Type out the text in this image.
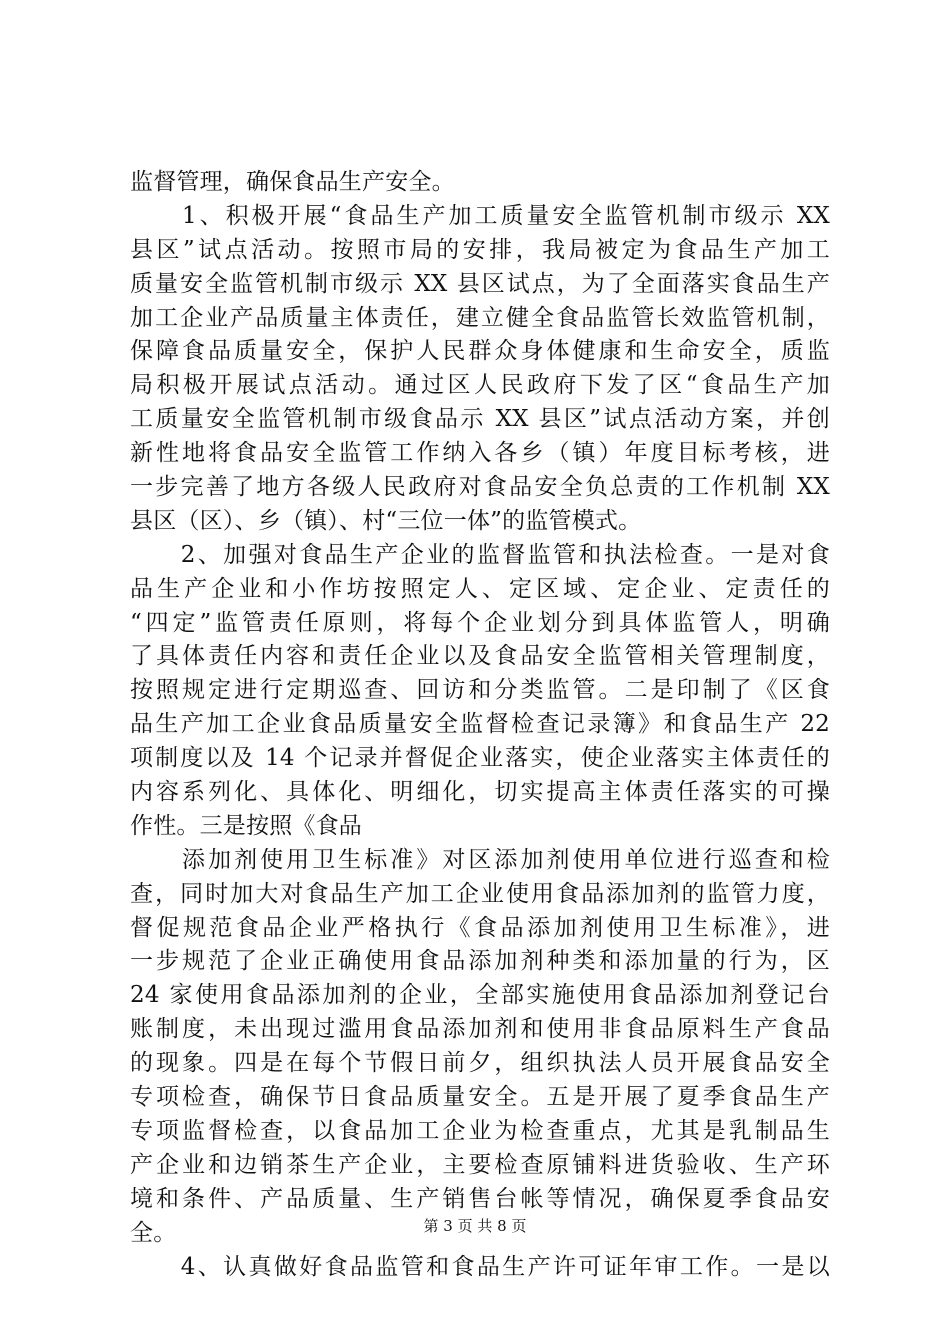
监督管理，确保食品生产安全。
　　1、积极开展“食品生产加工质量安全监管机制市级示 XX
县区”试点活动。按照市局的安排，我局被定为食品生产加工
质量安全监管机制市级示 XX 县区试点，为了全面落实食品生产
加工企业产品质量主体责任，建立健全食品监管长效监管机制，
保障食品质量安全，保护人民群众身体健康和生命安全，质监
局积极开展试点活动。通过区人民政府下发了区“食品生产加
工质量安全监管机制市级食品示 XX 县区”试点活动方案，并创
新性地将食品安全监管工作纳入各乡（镇）年度目标考核，进
一步完善了地方各级人民政府对食品安全负总责的工作机制 XX
县区（区）、乡（镇）、村“三位一体”的监管模式。
　　2、加强对食品生产企业的监督监管和执法检查。一是对食
品生产企业和小作坊按照定人、定区域、定企业、定责任的
“四定”监管责任原则，将每个企业划分到具体监管人，明确
了具体责任内容和责任企业以及食品安全监管相关管理制度，
按照规定进行定期巡查、回访和分类监管。二是印制了《区食
品生产加工企业食品质量安全监督检查记录簿》和食品生产 22
项制度以及 14 个记录并督促企业落实，使企业落实主体责任的
内容系列化、具体化、明细化，切实提高主体责任落实的可操
作性。三是按照《食品
　　添加剂使用卫生标准》对区添加剂使用单位进行巡查和检
查，同时加大对食品生产加工企业使用食品添加剂的监管力度，
督促规范食品企业严格执行《食品添加剂使用卫生标准》，进
一步规范了企业正确使用食品添加剂种类和添加量的行为，区
24 家使用食品添加剂的企业，全部实施使用食品添加剂登记台
账制度，未出现过滥用食品添加剂和使用非食品原料生产食品
的现象。四是在每个节假日前夕，组织执法人员开展食品安全
专项检查，确保节日食品质量安全。五是开展了夏季食品生产
专项监督检查，以食品加工企业为检查重点，尤其是乳制品生
产企业和边销茶生产企业，主要检查原铺料进货验收、生产环
境和条件、产品质量、生产销售台帐等情况，确保夏季食品安
全。
　　4、认真做好食品监管和食品生产许可证年审工作。一是以
第 3 页 共 8 页
